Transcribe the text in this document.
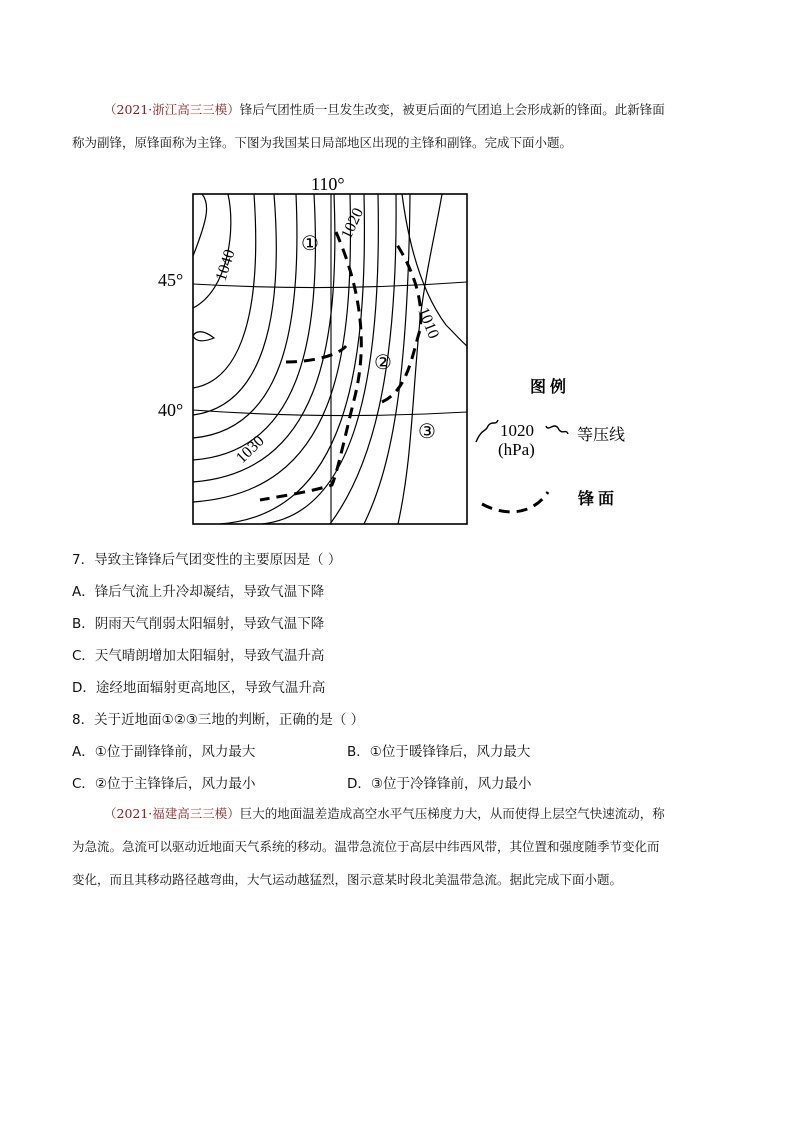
（2021·浙江高三三模）锋后气团性质一旦发生改变，被更后面的气团追上会形成新的锋面。此新锋面
称为副锋，原锋面称为主锋。下图为我国某日局部地区出现的主锋和副锋。完成下面小题。
110°
45°
40°
1040
1030
1020
1010
①
②
③
图 例
1020
(hPa)
等压线
锋 面
7．导致主锋锋后气团变性的主要原因是（ ）
A．锋后气流上升冷却凝结，导致气温下降
B．阴雨天气削弱太阳辐射，导致气温下降
C．天气晴朗增加太阳辐射，导致气温升高
D．途经地面辐射更高地区，导致气温升高
8．关于近地面①②③三地的判断，正确的是（ ）
A．①位于副锋锋前，风力最大	B．①位于暖锋锋后，风力最大
C．②位于主锋锋后，风力最小	D．③位于冷锋锋前，风力最小
（2021·福建高三三模）巨大的地面温差造成高空水平气压梯度力大，从而使得上层空气快速流动，称
为急流。急流可以驱动近地面天气系统的移动。温带急流位于高层中纬西风带，其位置和强度随季节变化而
变化，而且其移动路径越弯曲，大气运动越猛烈，图示意某时段北美温带急流。据此完成下面小题。
